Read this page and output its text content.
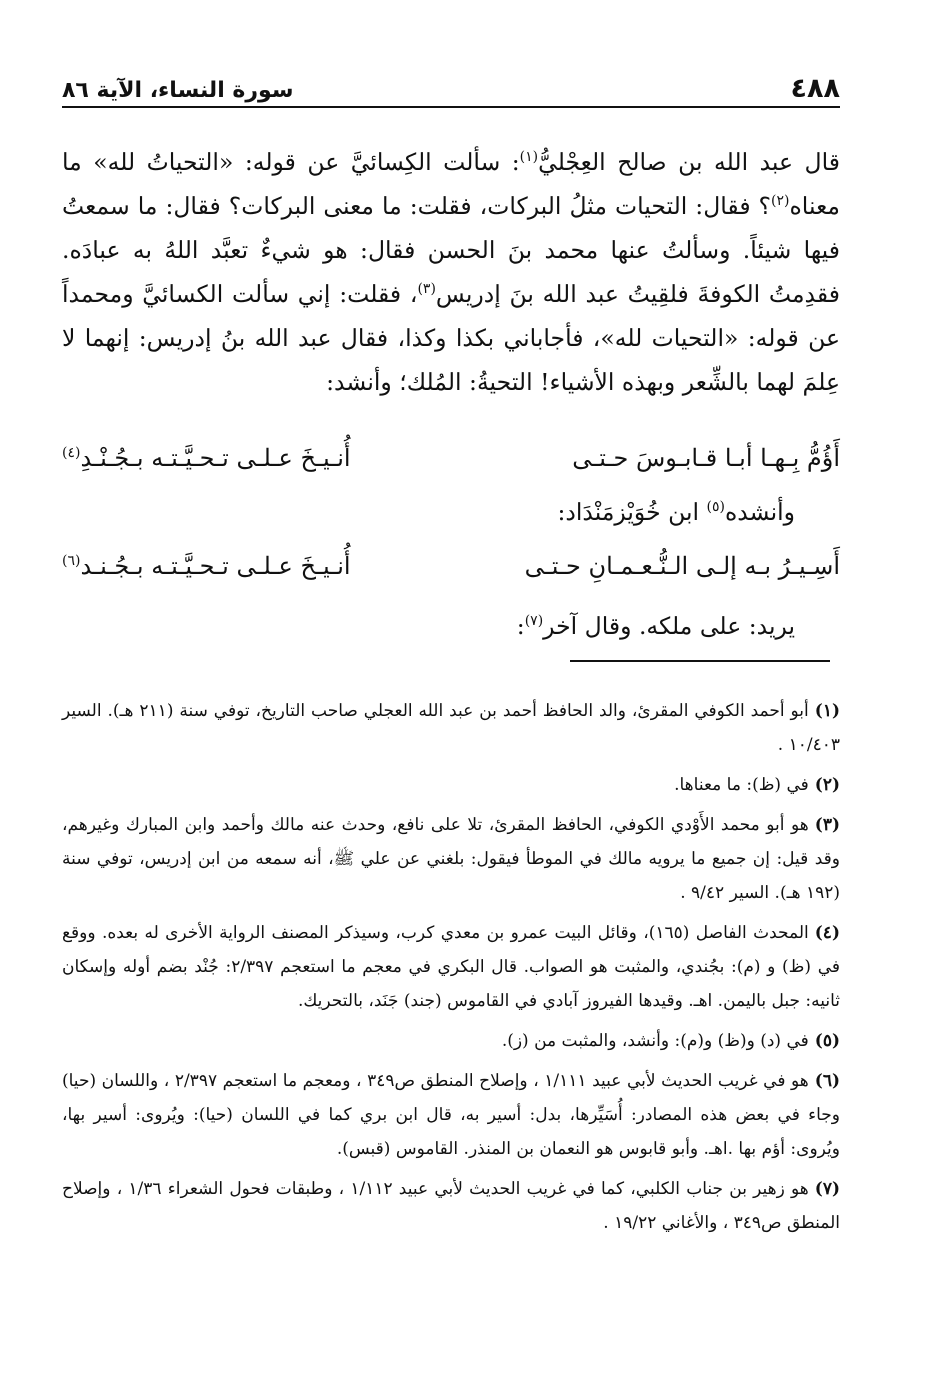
٤٨٨
سورة النساء، الآية ٨٦

قال عبد الله بن صالح العِجْليُّ$^{(١)}$: سألت الكِسائيَّ عن قوله: «التحياتُ لله» ما معناه$^{(٢)}$؟ فقال: التحيات مثلُ البركات، فقلت: ما معنى البركات؟ فقال: ما سمعتُ فيها شيئاً. وسألتُ عنها محمد بنَ الحسن فقال: هو شيءٌ تعبَّد اللهُ به عبادَه. فقدِمتُ الكوفةَ فلقِيتُ عبد الله بنَ إدريس$^{(٣)}$، فقلت: إني سألت الكسائيَّ ومحمداً عن قوله: «التحيات لله»، فأجاباني بكذا وكذا، فقال عبد الله بنُ إدريس: إنهما لا عِلمَ لهما بالشِّعر وبهذه الأشياء! التحيةُ: المُلك؛ وأنشد:

أَؤُمُّ بِـهـا أبـا قـابـوسَ حـتـى
أُنـيـخَ عـلـى تـحـيَّـتـه بـجُـنْـدِ$^{(٤)}$
وأنشده$^{(٥)}$ ابن خُوَيْزمَنْدَاد:
أَسِـيـرُ بـه إلـى الـنُّـعـمـانِ حـتـى
أُنـيـخَ عـلـى تـحـيَّـتـه بـجُـنـد$^{(٦)}$
يريد: على ملكه. وقال آخر$^{(٧)}$:

(١)أبو أحمد الكوفي المقرئ، والد الحافظ أحمد بن عبد الله العجلي صاحب التاريخ، توفي سنة (٢١١ هـ). السير ١٠/٤٠٣ .

(٢)في (ظ): ما معناها.

(٣)هو أبو محمد الأَوْدي الكوفي، الحافظ المقرئ، تلا على نافع، وحدث عنه مالك وأحمد وابن المبارك وغيرهم، وقد قيل: إن جميع ما يرويه مالك في الموطأ فيقول: بلغني عن علي ﷺ، أنه سمعه من ابن إدريس، توفي سنة (١٩٢ هـ). السير ٩/٤٢ .

(٤)المحدث الفاصل (١٦٥)، وقائل البيت عمرو بن معدي كرب، وسيذكر المصنف الرواية الأخرى له بعده. ووقع في (ظ) و (م): بجُندي، والمثبت هو الصواب. قال البكري في معجم ما استعجم ٢/٣٩٧: جُنْد بضم أوله وإسكان ثانيه: جبل باليمن. اهـ. وقيدها الفيروز آبادي في القاموس (جند) جَنَد، بالتحريك.

(٥)في (د) و(ظ) و(م): وأنشد، والمثبت من (ز).

(٦)هو في غريب الحديث لأبي عبيد ١/١١١ ، وإصلاح المنطق ص٣٤٩ ، ومعجم ما استعجم ٢/٣٩٧ ، واللسان (حيا) وجاء في بعض هذه المصادر: أُسَيِّرها، بدل: أسير به، قال ابن بري كما في اللسان (حيا): ويُروى: أسير بها، ويُروى: أؤم بها .اهـ. وأبو قابوس هو النعمان بن المنذر. القاموس (قبس).

(٧)هو زهير بن جناب الكلبي، كما في غريب الحديث لأبي عبيد ١/١١٢ ، وطبقات فحول الشعراء ١/٣٦ ، وإصلاح المنطق ص٣٤٩ ، والأغاني ١٩/٢٢ .
